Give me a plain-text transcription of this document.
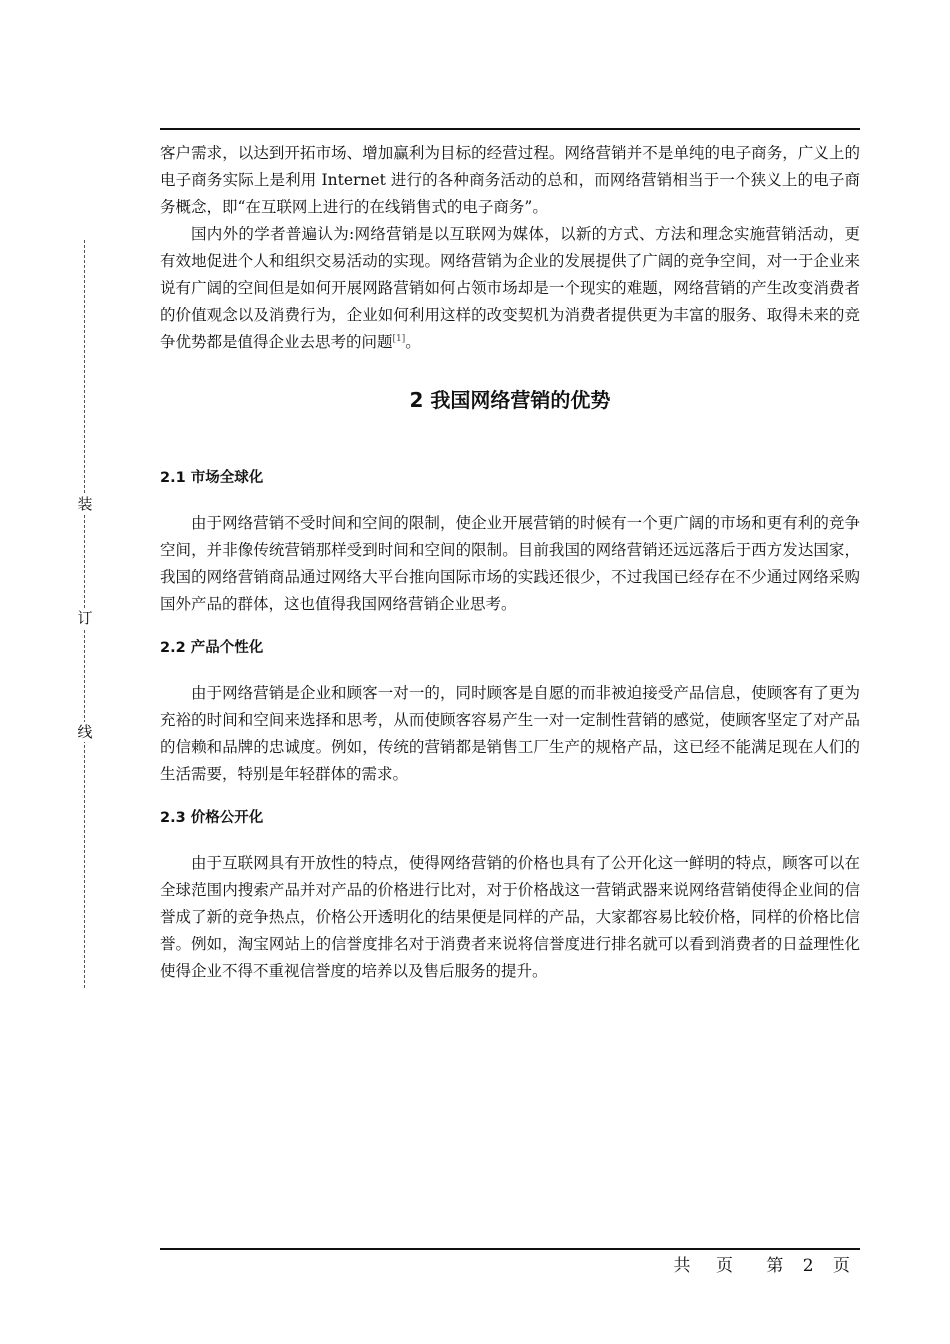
装
订
线

客户需求，以达到开拓市场、增加赢利为目标的经营过程。网络营销并不是单纯的电子商务，广义上的电子商务实际上是利用 Internet 进行的各种商务活动的总和，而网络营销相当于一个狭义上的电子商务概念，即“在互联网上进行的在线销售式的电子商务”。

国内外的学者普遍认为:网络营销是以互联网为媒体，以新的方式、方法和理念实施营销活动，更有效地促进个人和组织交易活动的实现。网络营销为企业的发展提供了广阔的竞争空间，对一于企业来说有广阔的空间但是如何开展网路营销如何占领市场却是一个现实的难题，网络营销的产生改变消费者的价值观念以及消费行为，企业如何利用这样的改变契机为消费者提供更为丰富的服务、取得未来的竞争优势都是值得企业去思考的问题[1]。

2 我国网络营销的优势
2.1 市场全球化

由于网络营销不受时间和空间的限制，使企业开展营销的时候有一个更广阔的市场和更有利的竞争空间，并非像传统营销那样受到时间和空间的限制。目前我国的网络营销还远远落后于西方发达国家，我国的网络营销商品通过网络大平台推向国际市场的实践还很少，不过我国已经存在不少通过网络采购国外产品的群体，这也值得我国网络营销企业思考。

2.2 产品个性化

由于网络营销是企业和顾客一对一的，同时顾客是自愿的而非被迫接受产品信息，使顾客有了更为充裕的时间和空间来选择和思考，从而使顾客容易产生一对一定制性营销的感觉，使顾客坚定了对产品的信赖和品牌的忠诚度。例如，传统的营销都是销售工厂生产的规格产品，这已经不能满足现在人们的生活需要，特别是年轻群体的需求。

2.3 价格公开化

由于互联网具有开放性的特点，使得网络营销的价格也具有了公开化这一鲜明的特点，顾客可以在全球范围内搜索产品并对产品的价格进行比对，对于价格战这一营销武器来说网络营销使得企业间的信誉成了新的竞争热点，价格公开透明化的结果便是同样的产品，大家都容易比较价格，同样的价格比信誉。例如，淘宝网站上的信誉度排名对于消费者来说将信誉度进行排名就可以看到消费者的日益理性化使得企业不得不重视信誉度的培养以及售后服务的提升。

共 页 第 2 页
